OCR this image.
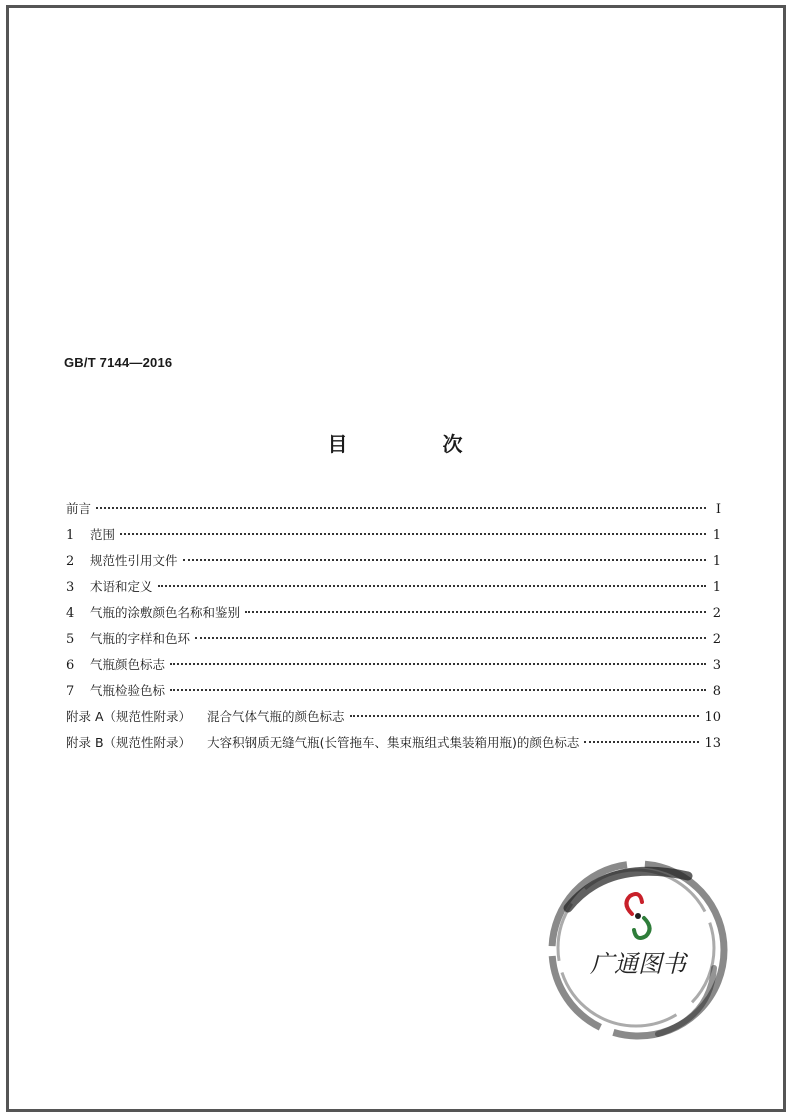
GB/T 7144—2016
目 次
前言	I
1	范围	1
2	规范性引用文件	1
3	术语和定义	1
4	气瓶的涂敷颜色名称和鉴别	2
5	气瓶的字样和色环	2
6	气瓶颜色标志	3
7	气瓶检验色标	8
附录 A（规范性附录） 混合气体气瓶的颜色标志	10
附录 B（规范性附录） 大容积钢质无缝气瓶(长管拖车、集束瓶组式集装箱用瓶)的颜色标志	13
广通图书
